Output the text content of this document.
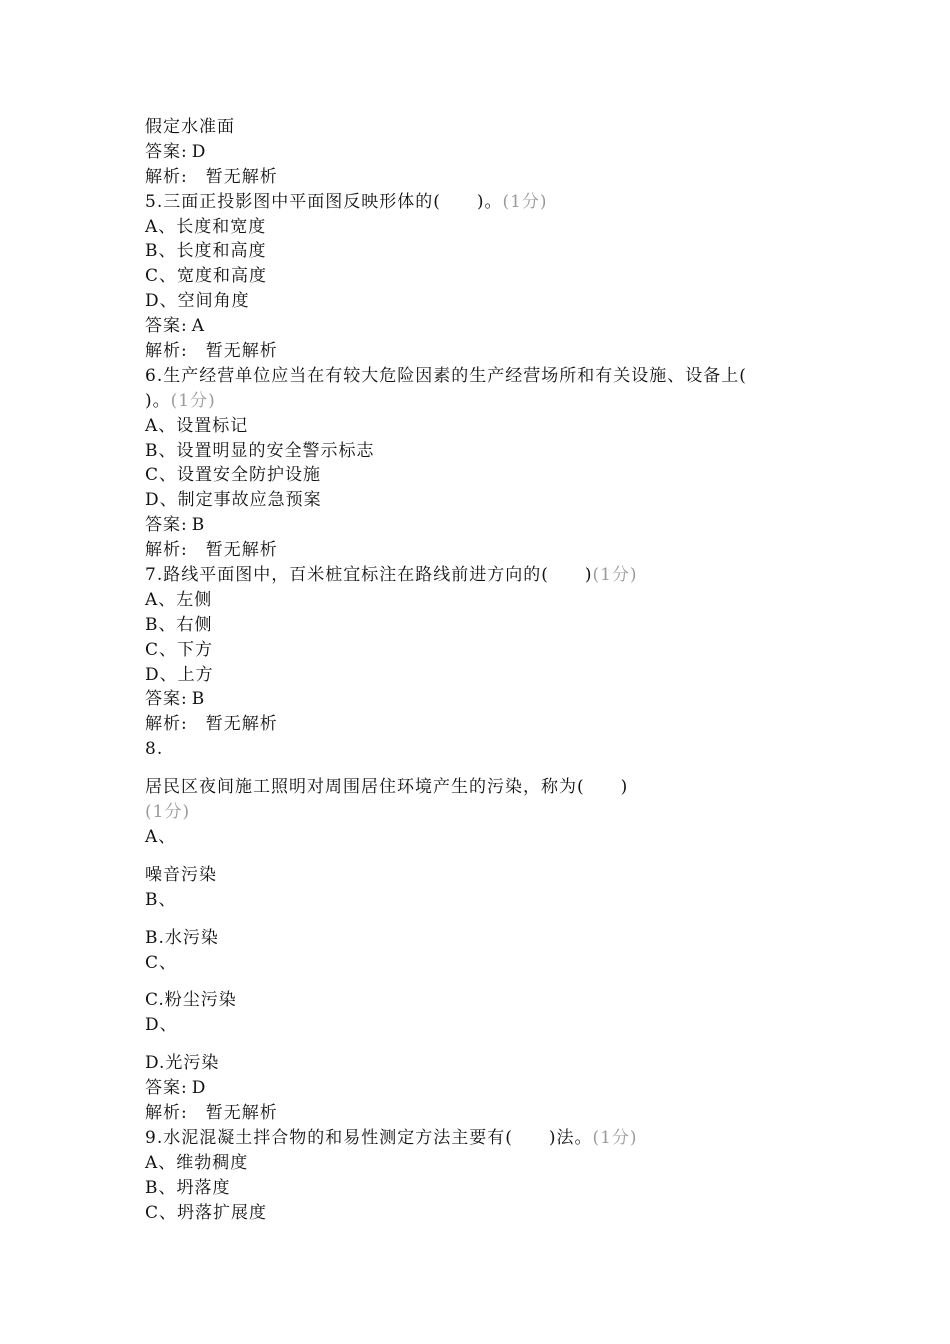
假定水准面
答案: D
解析: 暂无解析
5.三面正投影图中平面图反映形体的(　　)。(1分)
A、长度和宽度
B、长度和高度
C、宽度和高度
D、空间角度
答案: A
解析: 暂无解析
6.生产经营单位应当在有较大危险因素的生产经营场所和有关设施、设备上(
)。(1分)
A、设置标记
B、设置明显的安全警示标志
C、设置安全防护设施
D、制定事故应急预案
答案: B
解析: 暂无解析
7.路线平面图中，百米桩宜标注在路线前进方向的(　　)(1分)
A、左侧
B、右侧
C、下方
D、上方
答案: B
解析: 暂无解析
8.
居民区夜间施工照明对周围居住环境产生的污染，称为(　　)
(1分)
A、
噪音污染
B、
B.水污染
C、
C.粉尘污染
D、
D.光污染
答案: D
解析: 暂无解析
9.水泥混凝土拌合物的和易性测定方法主要有(　　)法。(1分)
A、维勃稠度
B、坍落度
C、坍落扩展度
